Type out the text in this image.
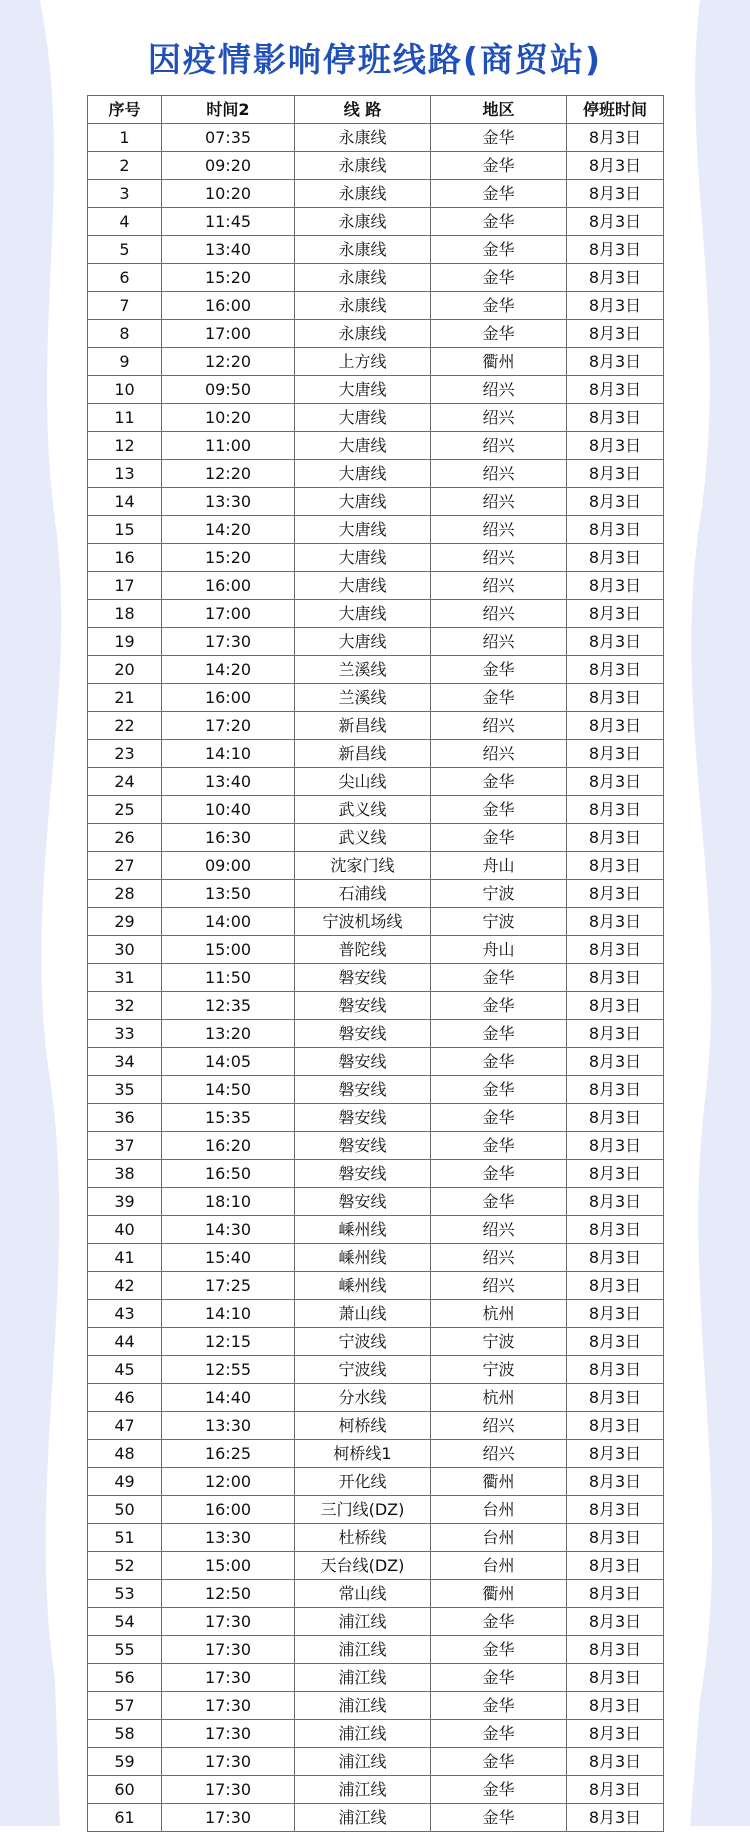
因疫情影响停班线路(商贸站)
序号	时间2	线 路	地区	停班时间
1	07:35	永康线	金华	8月3日
2	09:20	永康线	金华	8月3日
3	10:20	永康线	金华	8月3日
4	11:45	永康线	金华	8月3日
5	13:40	永康线	金华	8月3日
6	15:20	永康线	金华	8月3日
7	16:00	永康线	金华	8月3日
8	17:00	永康线	金华	8月3日
9	12:20	上方线	衢州	8月3日
10	09:50	大唐线	绍兴	8月3日
11	10:20	大唐线	绍兴	8月3日
12	11:00	大唐线	绍兴	8月3日
13	12:20	大唐线	绍兴	8月3日
14	13:30	大唐线	绍兴	8月3日
15	14:20	大唐线	绍兴	8月3日
16	15:20	大唐线	绍兴	8月3日
17	16:00	大唐线	绍兴	8月3日
18	17:00	大唐线	绍兴	8月3日
19	17:30	大唐线	绍兴	8月3日
20	14:20	兰溪线	金华	8月3日
21	16:00	兰溪线	金华	8月3日
22	17:20	新昌线	绍兴	8月3日
23	14:10	新昌线	绍兴	8月3日
24	13:40	尖山线	金华	8月3日
25	10:40	武义线	金华	8月3日
26	16:30	武义线	金华	8月3日
27	09:00	沈家门线	舟山	8月3日
28	13:50	石浦线	宁波	8月3日
29	14:00	宁波机场线	宁波	8月3日
30	15:00	普陀线	舟山	8月3日
31	11:50	磐安线	金华	8月3日
32	12:35	磐安线	金华	8月3日
33	13:20	磐安线	金华	8月3日
34	14:05	磐安线	金华	8月3日
35	14:50	磐安线	金华	8月3日
36	15:35	磐安线	金华	8月3日
37	16:20	磐安线	金华	8月3日
38	16:50	磐安线	金华	8月3日
39	18:10	磐安线	金华	8月3日
40	14:30	嵊州线	绍兴	8月3日
41	15:40	嵊州线	绍兴	8月3日
42	17:25	嵊州线	绍兴	8月3日
43	14:10	萧山线	杭州	8月3日
44	12:15	宁波线	宁波	8月3日
45	12:55	宁波线	宁波	8月3日
46	14:40	分水线	杭州	8月3日
47	13:30	柯桥线	绍兴	8月3日
48	16:25	柯桥线1	绍兴	8月3日
49	12:00	开化线	衢州	8月3日
50	16:00	三门线(DZ)	台州	8月3日
51	13:30	杜桥线	台州	8月3日
52	15:00	天台线(DZ)	台州	8月3日
53	12:50	常山线	衢州	8月3日
54	17:30	浦江线	金华	8月3日
55	17:30	浦江线	金华	8月3日
56	17:30	浦江线	金华	8月3日
57	17:30	浦江线	金华	8月3日
58	17:30	浦江线	金华	8月3日
59	17:30	浦江线	金华	8月3日
60	17:30	浦江线	金华	8月3日
61	17:30	浦江线	金华	8月3日
